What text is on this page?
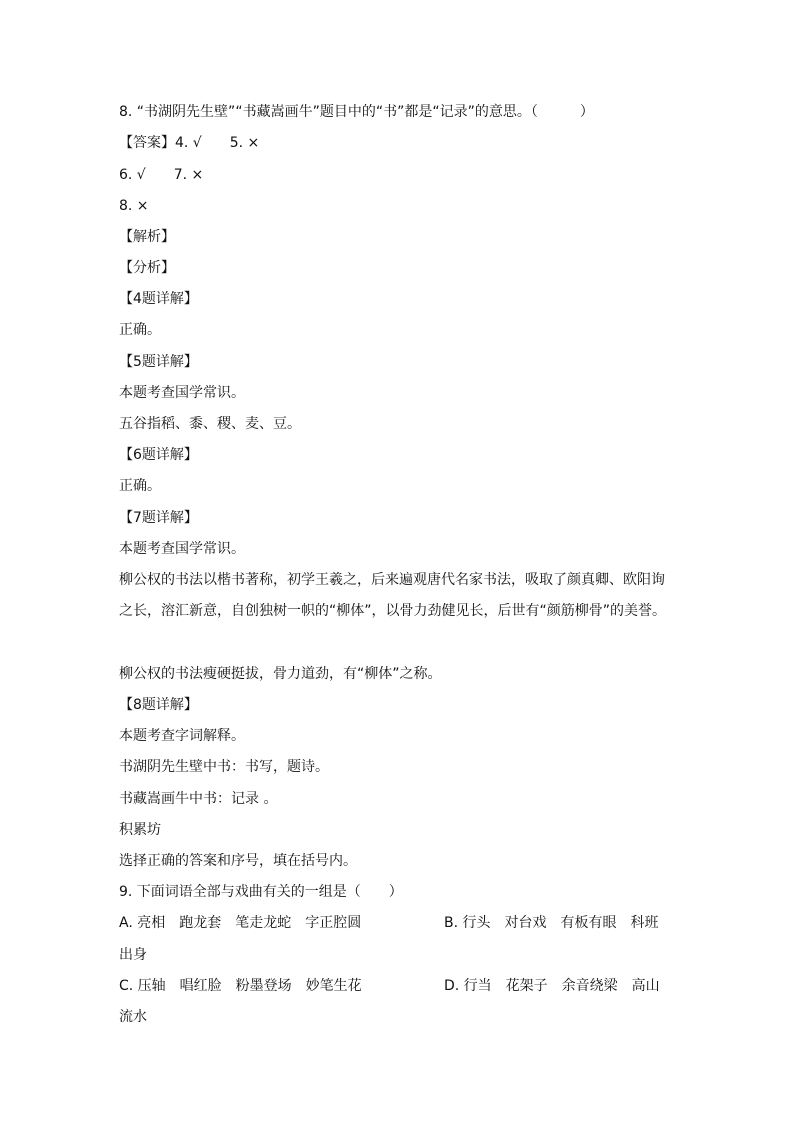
8. “书湖阴先生壁”“书藏嵩画牛”题目中的“书”都是“记录”的意思。（　　　）
【答案】4. √　　5. ×
6. √　　7. ×
8. ×
【解析】
【分析】
【4题详解】
正确。
【5题详解】
本题考查国学常识。
五谷指稻、黍、稷、麦、豆。
【6题详解】
正确。
【7题详解】
本题考查国学常识。
柳公权的书法以楷书著称，初学王羲之，后来遍观唐代名家书法，吸取了颜真卿、欧阳询
之长，溶汇新意，自创独树一帜的“柳体”，以骨力劲健见长，后世有“颜筋柳骨”的美誉。
柳公权的书法瘦硬挺拔，骨力道劲，有“柳体”之称。
【8题详解】
本题考查字词解释。
书湖阴先生壁中书：书写，题诗。
书藏嵩画牛中书：记录 。
积累坊
选择正确的答案和序号，填在括号内。
9. 下面词语全部与戏曲有关的一组是（　　）
A. 亮相　跑龙套　笔走龙蛇　字正腔圆	B. 行头　对台戏　有板有眼　科班
出身
C. 压轴　唱红脸　粉墨登场　妙笔生花	D. 行当　花架子　余音绕梁　高山
流水
